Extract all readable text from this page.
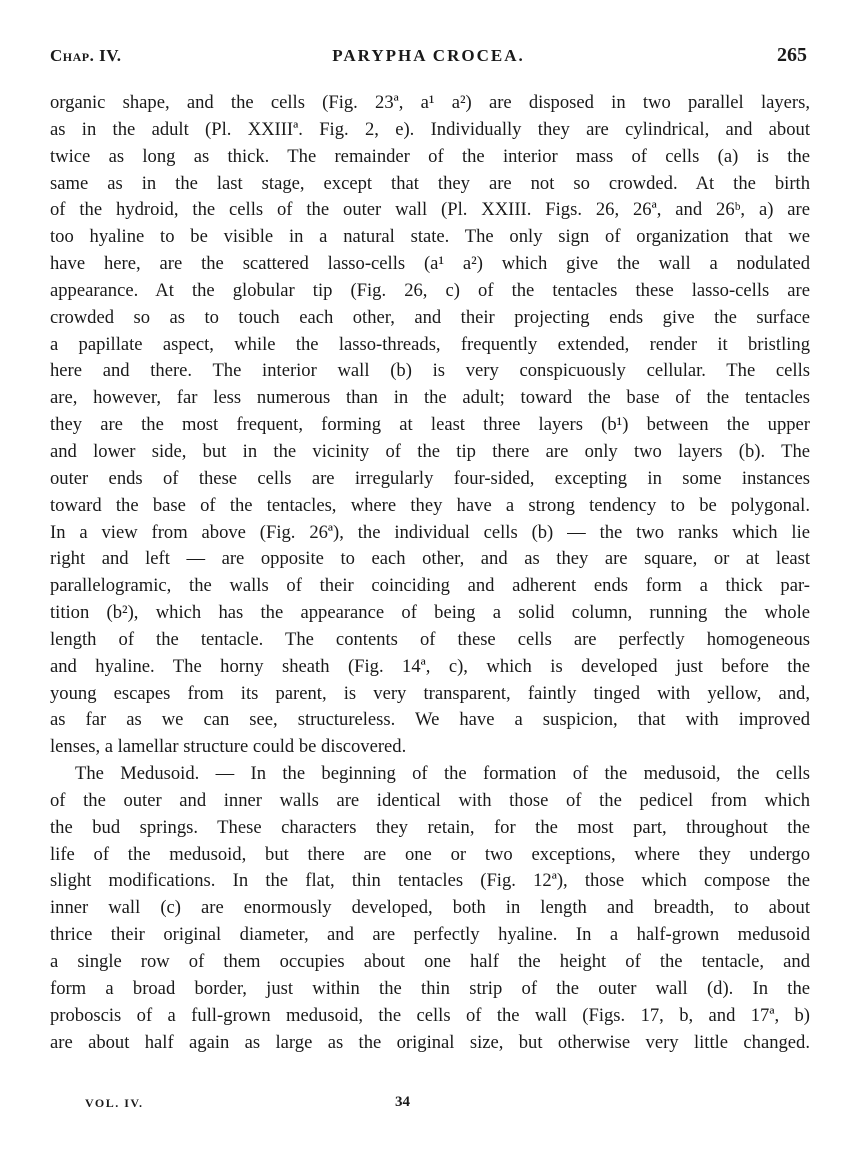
Chap. IV.	PARYPHA CROCEA.	265
organic shape, and the cells (Fig. 23ª, a¹ a²) are disposed in two parallel layers,
as in the adult (Pl. XXIIIª. Fig. 2, e). Individually they are cylindrical, and about
twice as long as thick. The remainder of the interior mass of cells (a) is the
same as in the last stage, except that they are not so crowded. At the birth
of the hydroid, the cells of the outer wall (Pl. XXIII. Figs. 26, 26ª, and 26ᵇ, a) are
too hyaline to be visible in a natural state. The only sign of organization that we
have here, are the scattered lasso-cells (a¹ a²) which give the wall a nodulated
appearance. At the globular tip (Fig. 26, c) of the tentacles these lasso-cells are
crowded so as to touch each other, and their projecting ends give the surface
a papillate aspect, while the lasso-threads, frequently extended, render it bristling
here and there. The interior wall (b) is very conspicuously cellular. The cells
are, however, far less numerous than in the adult; toward the base of the tentacles
they are the most frequent, forming at least three layers (b¹) between the upper
and lower side, but in the vicinity of the tip there are only two layers (b). The
outer ends of these cells are irregularly four-sided, excepting in some instances
toward the base of the tentacles, where they have a strong tendency to be polygonal.
In a view from above (Fig. 26ª), the individual cells (b) — the two ranks which lie
right and left — are opposite to each other, and as they are square, or at least
parallelogramic, the walls of their coinciding and adherent ends form a thick par-
tition (b²), which has the appearance of being a solid column, running the whole
length of the tentacle. The contents of these cells are perfectly homogeneous
and hyaline. The horny sheath (Fig. 14ª, c), which is developed just before the
young escapes from its parent, is very transparent, faintly tinged with yellow, and,
as far as we can see, structureless. We have a suspicion, that with improved
lenses, a lamellar structure could be discovered.
The Medusoid. — In the beginning of the formation of the medusoid, the cells
of the outer and inner walls are identical with those of the pedicel from which
the bud springs. These characters they retain, for the most part, throughout the
life of the medusoid, but there are one or two exceptions, where they undergo
slight modifications. In the flat, thin tentacles (Fig. 12ª), those which compose the
inner wall (c) are enormously developed, both in length and breadth, to about
thrice their original diameter, and are perfectly hyaline. In a half-grown medusoid
a single row of them occupies about one half the height of the tentacle, and
form a broad border, just within the thin strip of the outer wall (d). In the
proboscis of a full-grown medusoid, the cells of the wall (Figs. 17, b, and 17ª, b)
are about half again as large as the original size, but otherwise very little changed.
VOL. IV.	34
